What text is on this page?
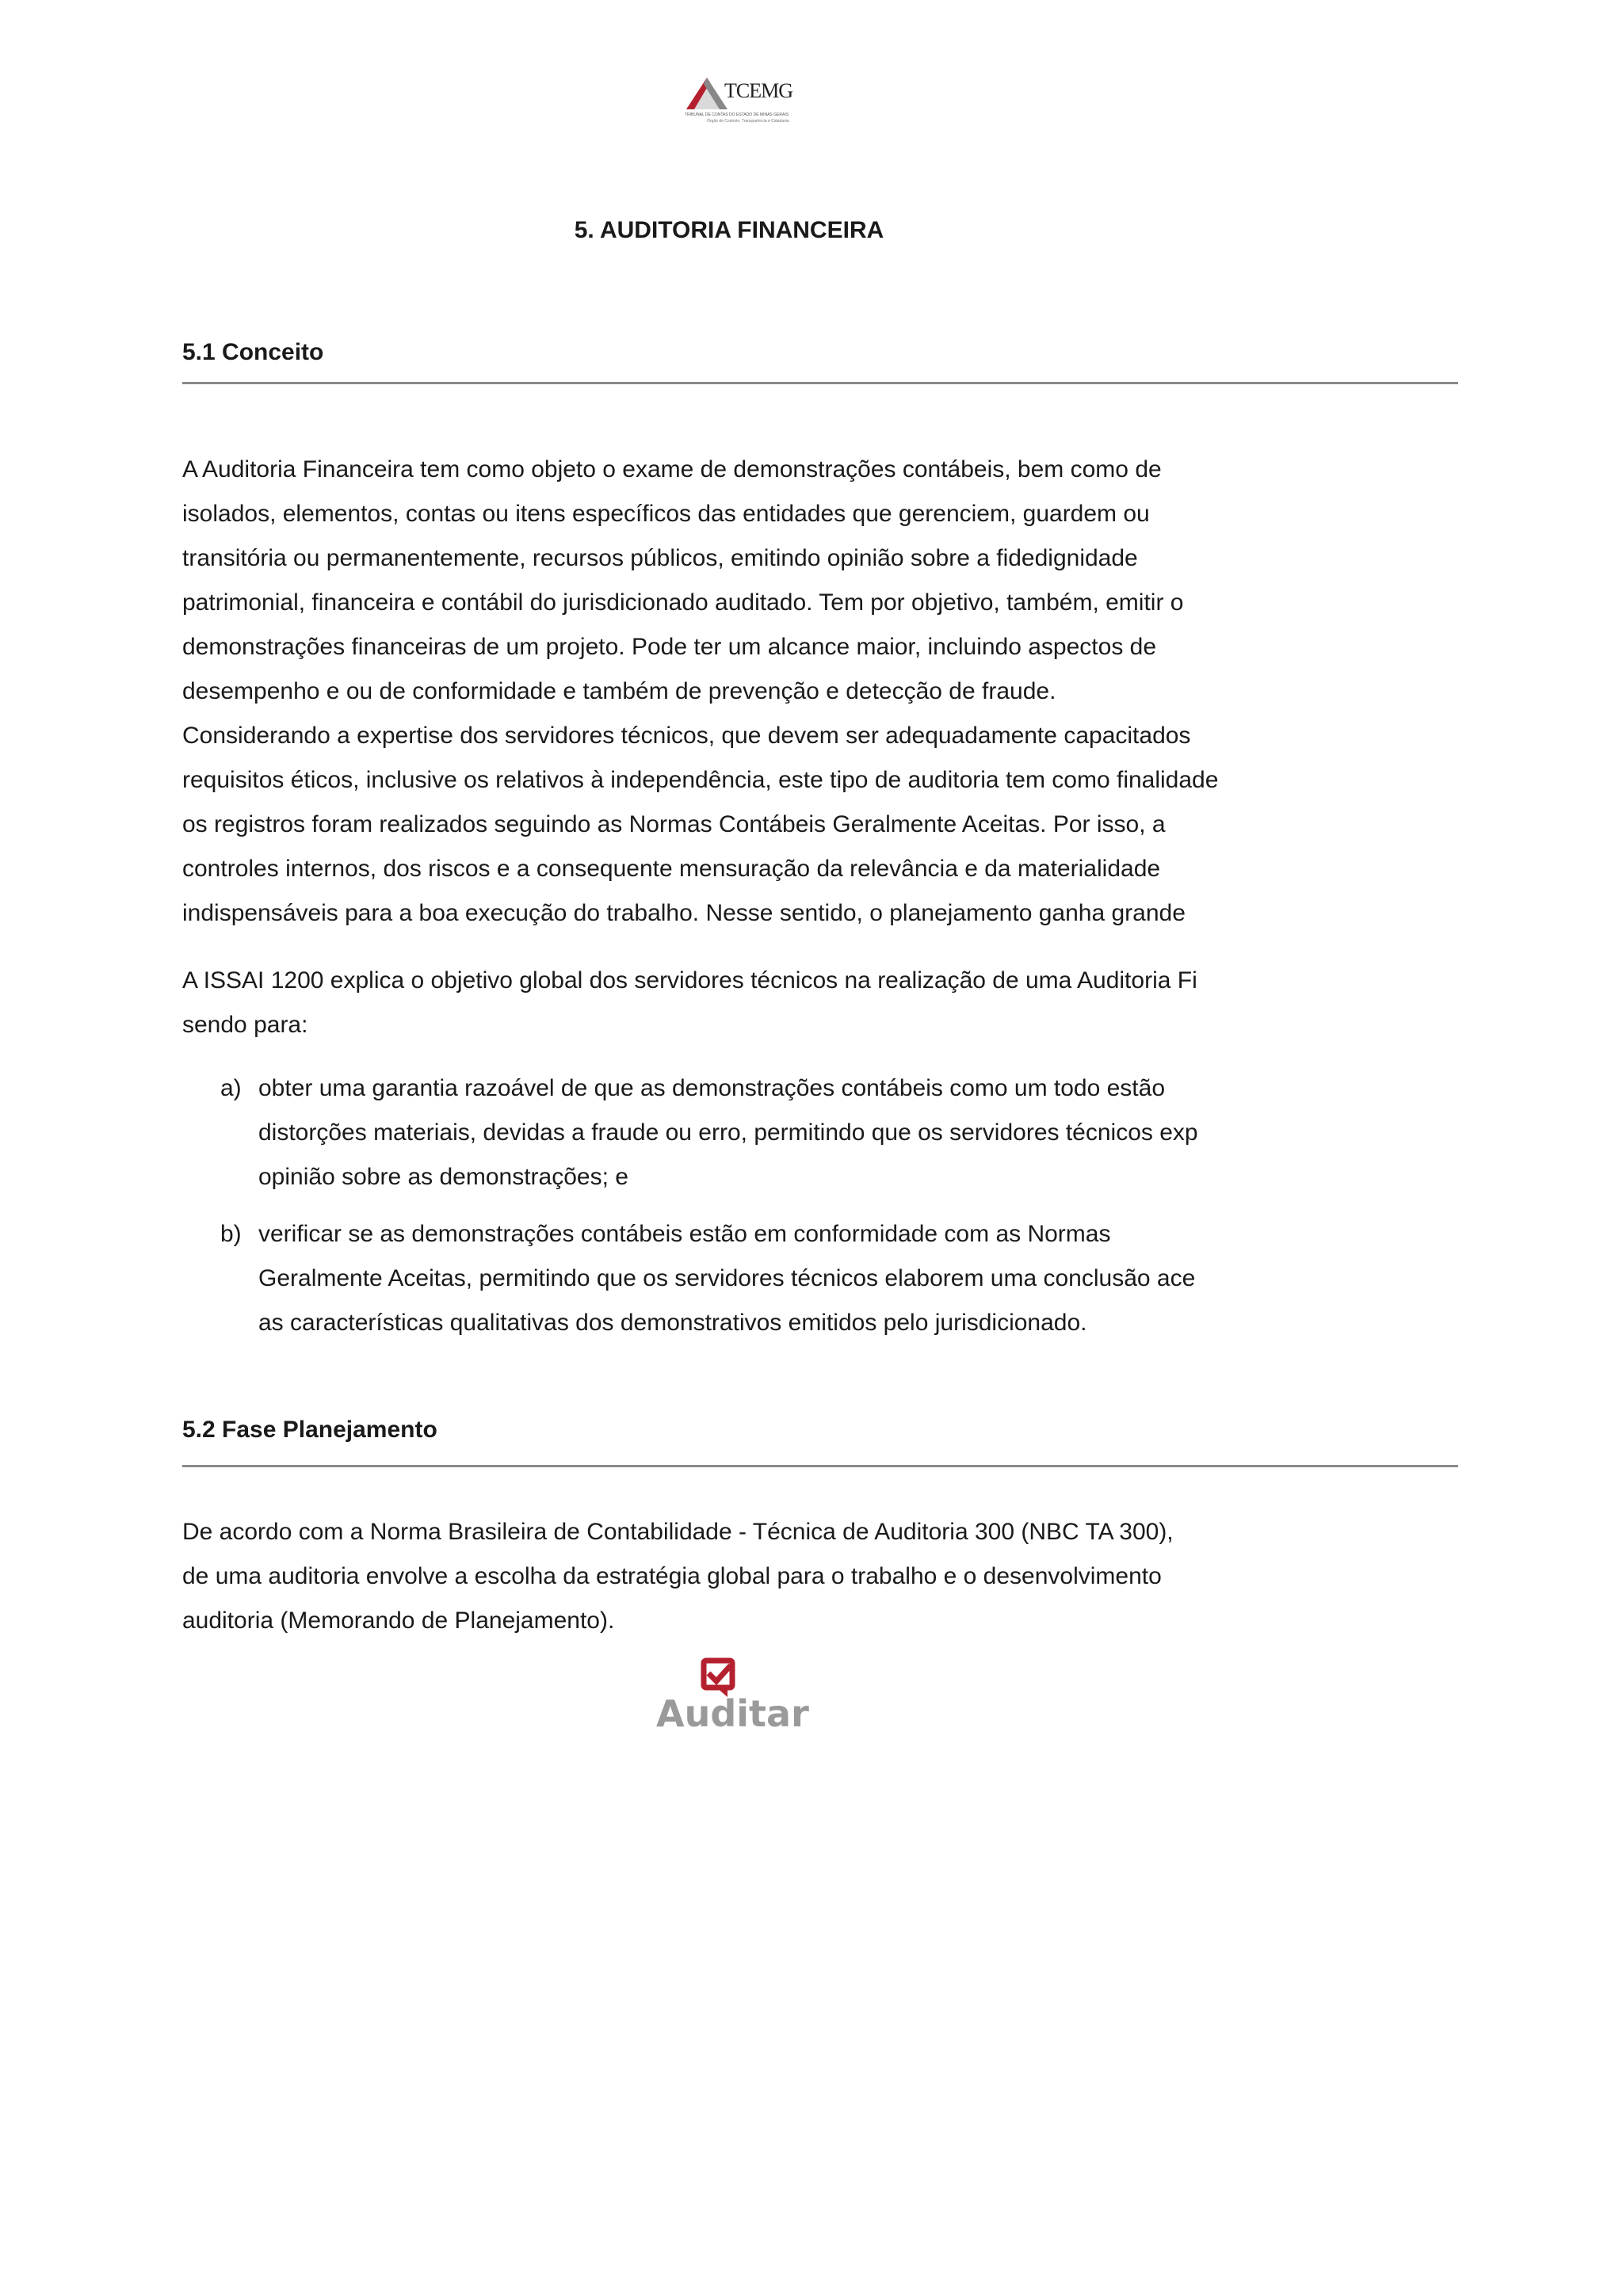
TCEMG
TRIBUNAL DE CONTAS DO ESTADO DE MINAS GERAIS
Órgão de Controle, Transparência e Cidadania
5. AUDITORIA FINANCEIRA
5.1 Conceito
A Auditoria Financeira tem como objeto o exame de demonstrações contábeis, bem como de
isolados, elementos, contas ou itens específicos das entidades que gerenciem, guardem ou
transitória ou permanentemente, recursos públicos, emitindo opinião sobre a fidedignidade
patrimonial, financeira e contábil do jurisdicionado auditado. Tem por objetivo, também, emitir o
demonstrações financeiras de um projeto. Pode ter um alcance maior, incluindo aspectos de
desempenho e ou de conformidade e também de prevenção e detecção de fraude.
Considerando a expertise dos servidores técnicos, que devem ser adequadamente capacitados
requisitos éticos, inclusive os relativos à independência, este tipo de auditoria tem como finalidade
os registros foram realizados seguindo as Normas Contábeis Geralmente Aceitas. Por isso, a
controles internos, dos riscos e a consequente mensuração da relevância e da materialidade
indispensáveis para a boa execução do trabalho. Nesse sentido, o planejamento ganha grande
A ISSAI 1200 explica o objetivo global dos servidores técnicos na realização de uma Auditoria Fi
sendo para:
a) obter uma garantia razoável de que as demonstrações contábeis como um todo estão
distorções materiais, devidas a fraude ou erro, permitindo que os servidores técnicos exp
opinião sobre as demonstrações; e
b) verificar se as demonstrações contábeis estão em conformidade com as Normas
Geralmente Aceitas, permitindo que os servidores técnicos elaborem uma conclusão ace
as características qualitativas dos demonstrativos emitidos pelo jurisdicionado.
5.2 Fase Planejamento
De acordo com a Norma Brasileira de Contabilidade - Técnica de Auditoria 300 (NBC TA 300),
de uma auditoria envolve a escolha da estratégia global para o trabalho e o desenvolvimento
auditoria (Memorando de Planejamento).
Auditar
